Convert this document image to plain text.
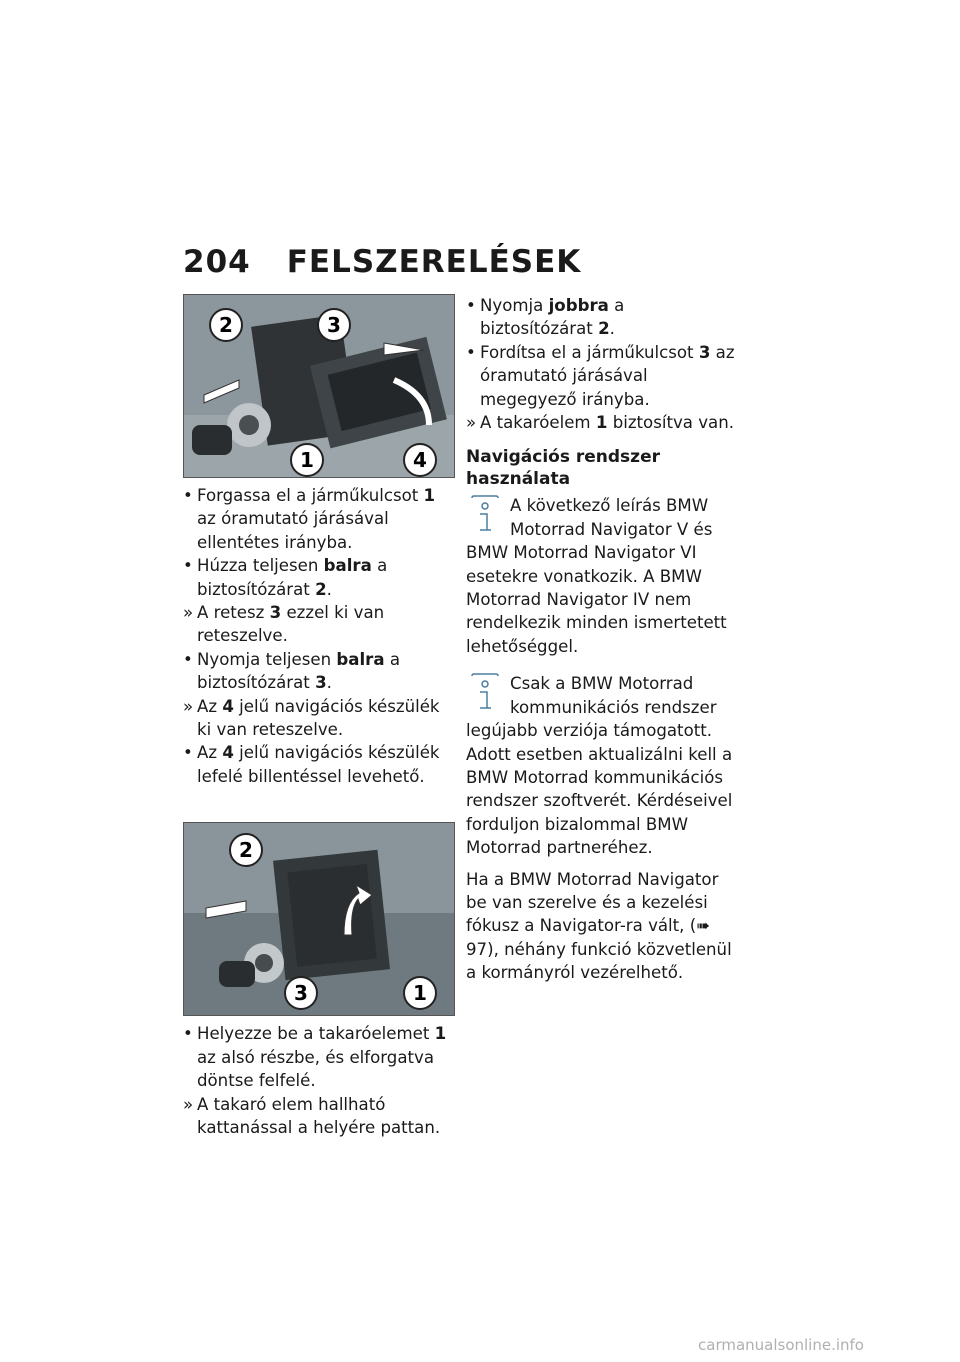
204 FELSZERELÉSEK
2	3
1	4
• Forgassa el a járműkulcsot 1 az óramutató járásával ellentétes irányba.
• Húzza teljesen balra a biztosítózárat 2.
» A retesz 3 ezzel ki van reteszelve.
• Nyomja teljesen balra a biztosítózárat 3.
» Az 4 jelű navigációs készülék ki van reteszelve.
• Az 4 jelű navigációs készülék lefelé billentéssel levehető.
2
3	1
• Helyezze be a takaróelemet 1 az alsó részbe, és elforgatva döntse felfelé.
» A takaró elem hallható kattanással a helyére pattan.
• Nyomja jobbra a biztosítózárat 2.
• Fordítsa el a járműkulcsot 3 az óramutató járásával megegyező irányba.
» A takaróelem 1 biztosítva van.
Navigációs rendszer használata
A következő leírás BMW Motorrad Navigator V és BMW Motorrad Navigator VI esetekre vonatkozik. A BMW Motorrad Navigator IV nem rendelkezik minden ismertetett lehetőséggel.
Csak a BMW Motorrad kommunikációs rendszer legújabb verziója támogatott. Adott esetben aktualizálni kell a BMW Motorrad kommunikációs rendszer szoftverét. Kérdéseivel forduljon bizalommal BMW Motorrad partneréhez.
Ha a BMW Motorrad Navigator be van szerelve és a kezelési fókusz a Navigator-ra vált, (➠ 97), néhány funkció közvetlenül a kormányról vezérelhető.
carmanualsonline.info
